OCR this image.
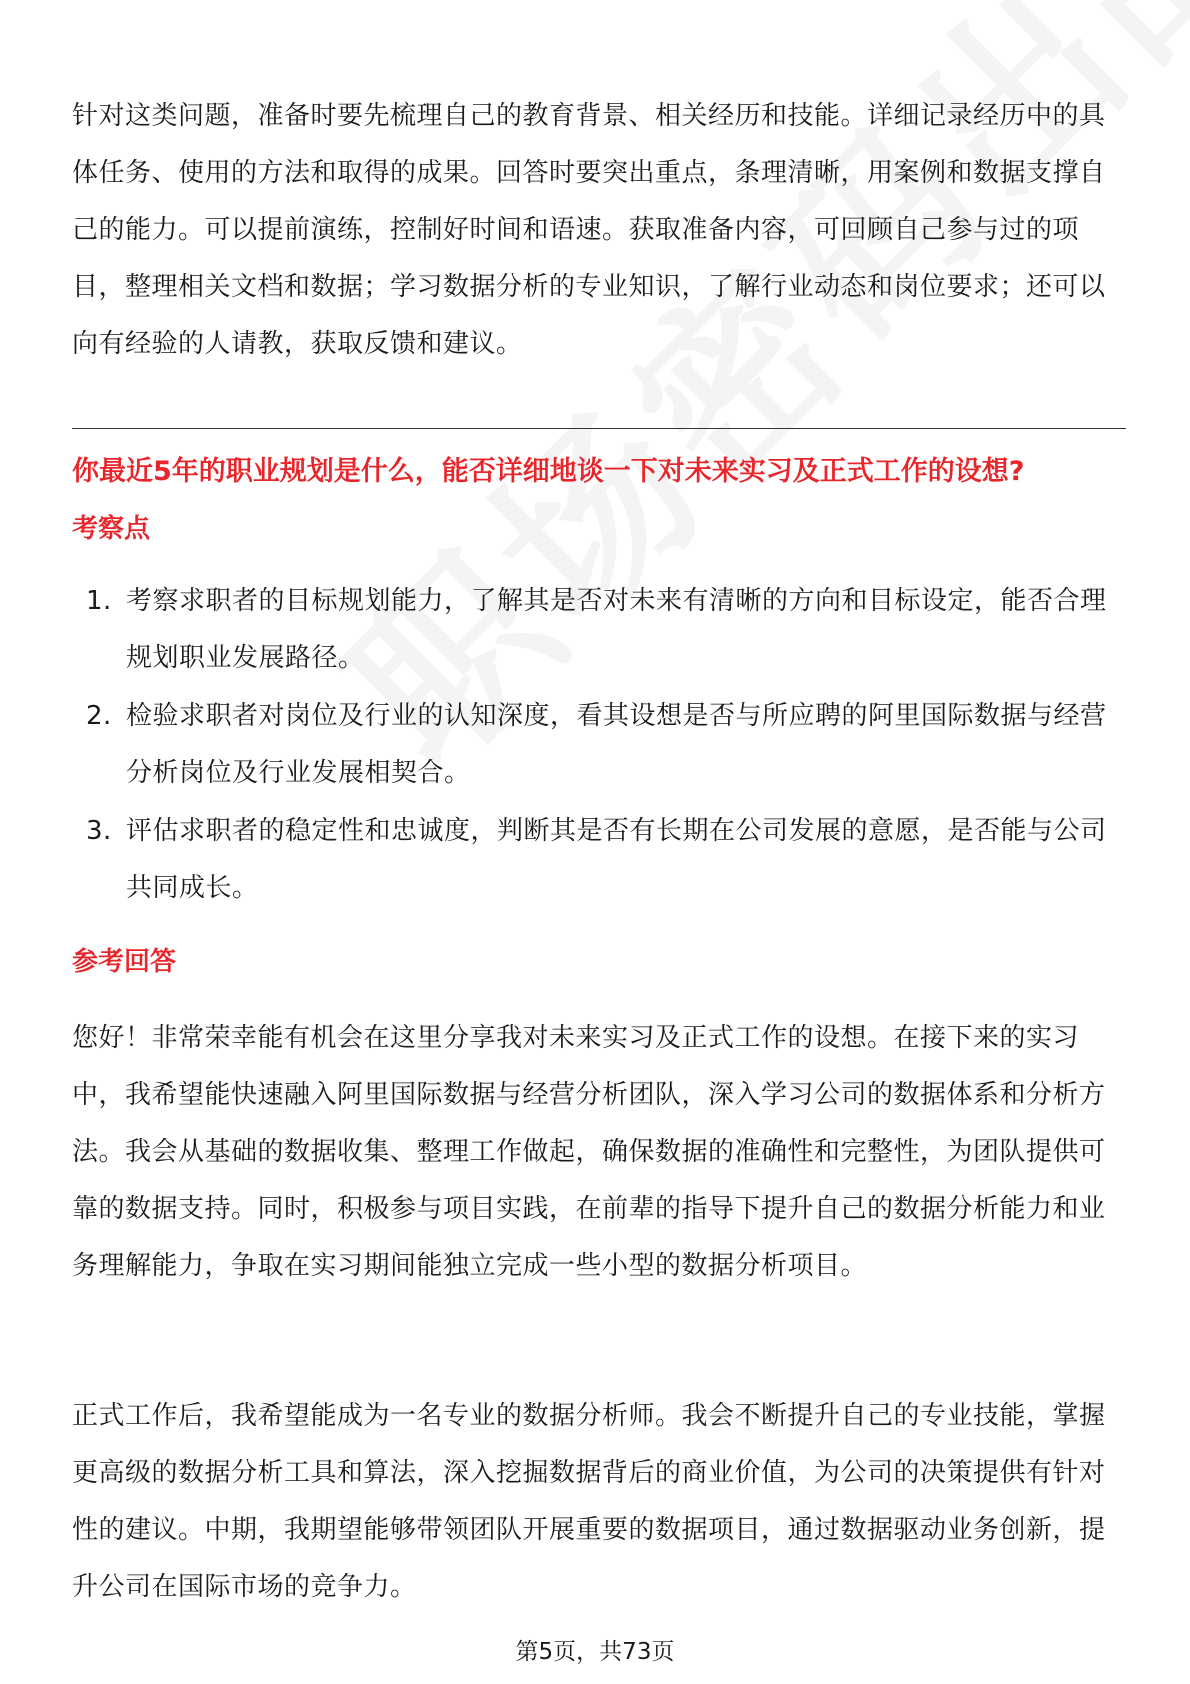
针对这类问题，准备时要先梳理自己的教育背景、相关经历和技能。详细记录经历中的具体任务、使用的方法和取得的成果。回答时要突出重点，条理清晰，用案例和数据支撑自己的能力。可以提前演练，控制好时间和语速。获取准备内容，可回顾自己参与过的项目，整理相关文档和数据；学习数据分析的专业知识，了解行业动态和岗位要求；还可以向有经验的人请教，获取反馈和建议。

你最近5年的职业规划是什么，能否详细地谈一下对未来实习及正式工作的设想?

考察点

1. 考察求职者的目标规划能力，了解其是否对未来有清晰的方向和目标设定，能否合理规划职业发展路径。
2. 检验求职者对岗位及行业的认知深度，看其设想是否与所应聘的阿里国际数据与经营分析岗位及行业发展相契合。
3. 评估求职者的稳定性和忠诚度，判断其是否有长期在公司发展的意愿，是否能与公司共同成长。

参考回答

您好！非常荣幸能有机会在这里分享我对未来实习及正式工作的设想。在接下来的实习中，我希望能快速融入阿里国际数据与经营分析团队，深入学习公司的数据体系和分析方法。我会从基础的数据收集、整理工作做起，确保数据的准确性和完整性，为团队提供可靠的数据支持。同时，积极参与项目实践，在前辈的指导下提升自己的数据分析能力和业务理解能力，争取在实习期间能独立完成一些小型的数据分析项目。

正式工作后，我希望能成为一名专业的数据分析师。我会不断提升自己的专业技能，掌握更高级的数据分析工具和算法，深入挖掘数据背后的商业价值，为公司的决策提供有针对性的建议。中期，我期望能够带领团队开展重要的数据项目，通过数据驱动业务创新，提升公司在国际市场的竞争力。

第5页，共73页
